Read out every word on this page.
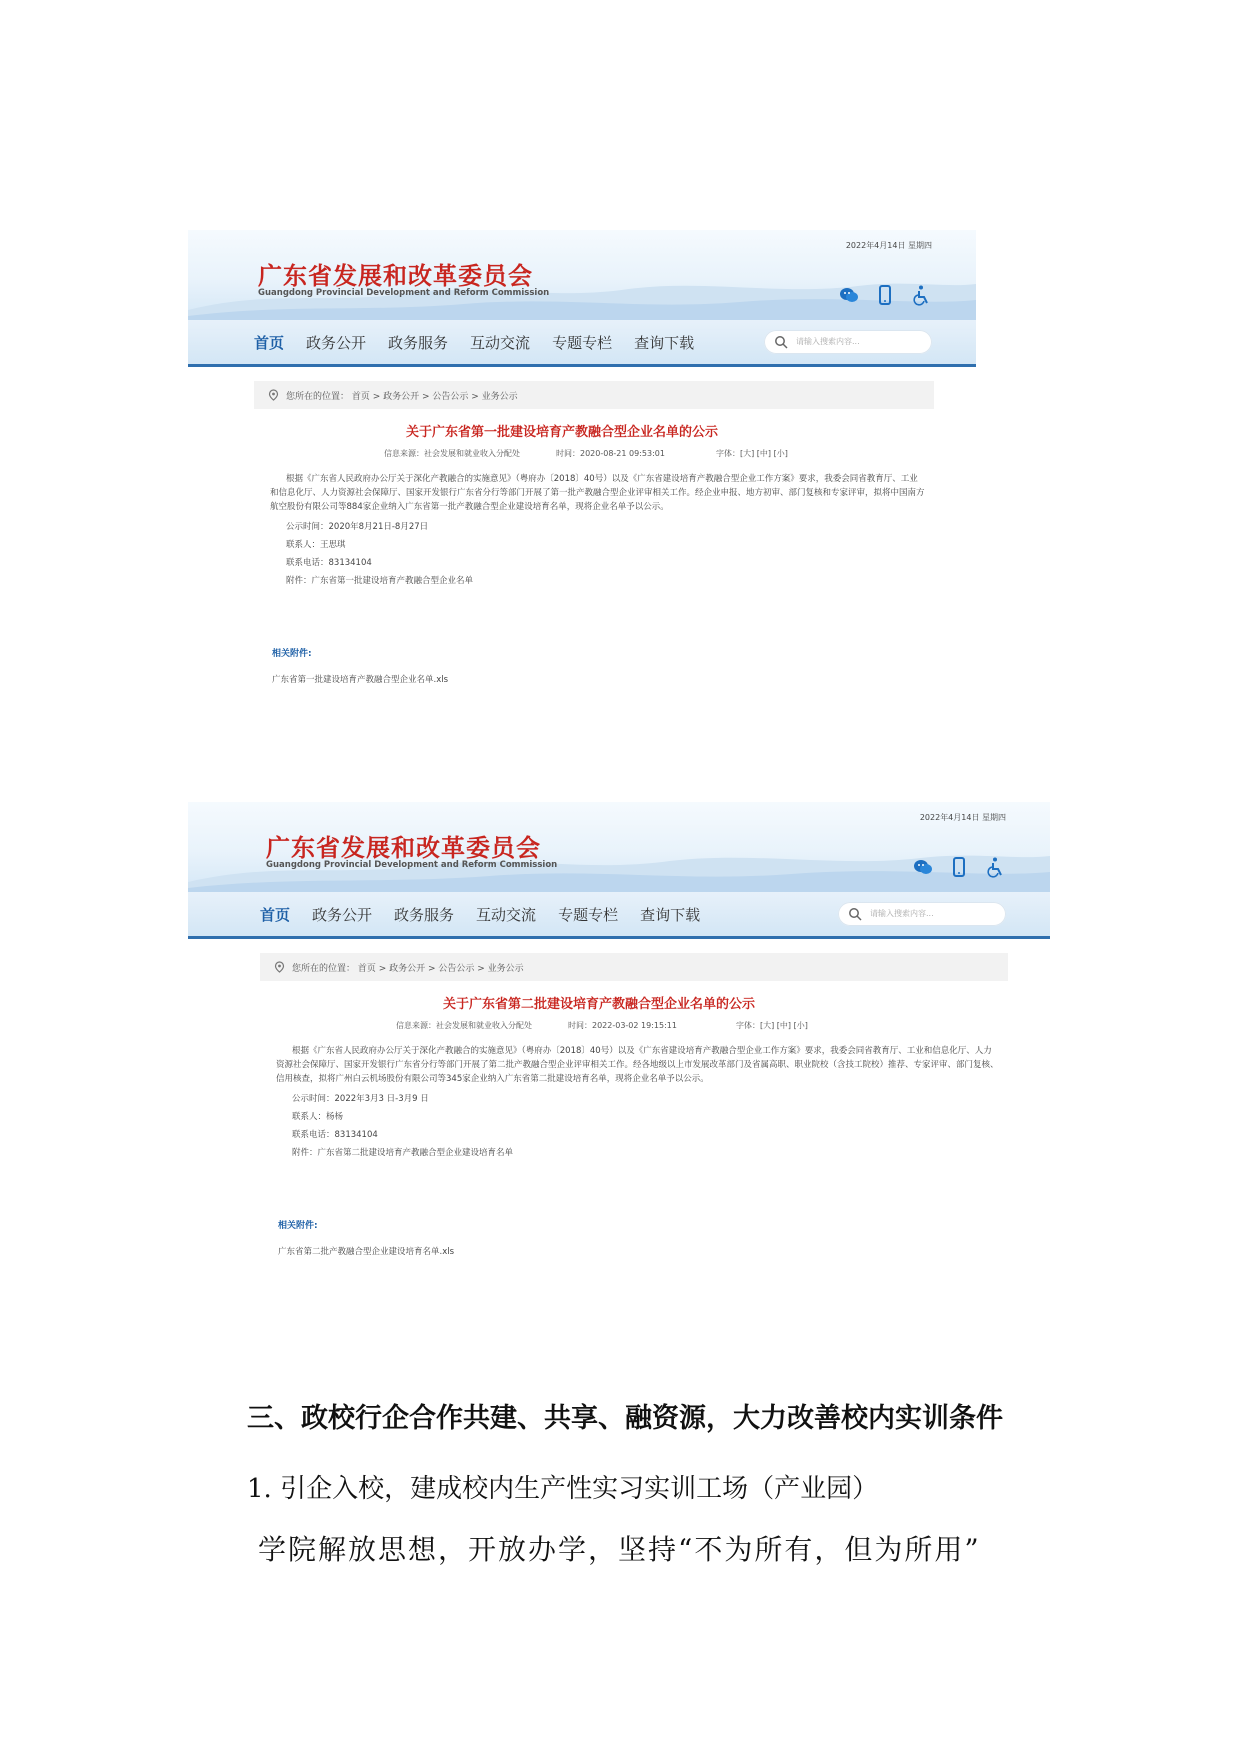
广东省发展和改革委员会
Guangdong Provincial Development and Reform Commission
2022年4月14日 星期四
首页 政务公开 政务服务 互动交流 专题专栏 查询下载	请输入搜索内容...
您所在的位置： 首页 > 政务公开 > 公告公示 > 业务公示
关于广东省第一批建设培育产教融合型企业名单的公示
信息来源：社会发展和就业收入分配处	时间：2020-08-21 09:53:01	字体：[大] [中] [小]
根据《广东省人民政府办公厅关于深化产教融合的实施意见》（粤府办〔2018〕40号）以及《广东省建设培育产教融合型企业工作方案》要求，我委会同省教育厅、工业和信息化厅、人力资源社会保障厅、国家开发银行广东省分行等部门开展了第一批产教融合型企业评审相关工作。经企业申报、地方初审、部门复核和专家评审，拟将中国南方航空股份有限公司等884家企业纳入广东省第一批产教融合型企业建设培育名单，现将企业名单予以公示。
公示时间：2020年8月21日-8月27日
联系人：王思琪
联系电话：83134104
附件：广东省第一批建设培育产教融合型企业名单
相关附件:
广东省第一批建设培育产教融合型企业名单.xls
广东省发展和改革委员会
Guangdong Provincial Development and Reform Commission
2022年4月14日 星期四
首页 政务公开 政务服务 互动交流 专题专栏 查询下载	请输入搜索内容...
您所在的位置： 首页 > 政务公开 > 公告公示 > 业务公示
关于广东省第二批建设培育产教融合型企业名单的公示
信息来源：社会发展和就业收入分配处	时间：2022-03-02 19:15:11	字体：[大] [中] [小]
根据《广东省人民政府办公厅关于深化产教融合的实施意见》（粤府办〔2018〕40号）以及《广东省建设培育产教融合型企业工作方案》要求，我委会同省教育厅、工业和信息化厅、人力资源社会保障厅、国家开发银行广东省分行等部门开展了第二批产教融合型企业评审相关工作。经各地级以上市发展改革部门及省属高职、职业院校（含技工院校）推荐、专家评审、部门复核、信用核查，拟将广州白云机场股份有限公司等345家企业纳入广东省第二批建设培育名单，现将企业名单予以公示。
公示时间：2022年3月3 日-3月9 日
联系人：杨杨
联系电话：83134104
附件：广东省第二批建设培育产教融合型企业建设培育名单
相关附件:
广东省第二批产教融合型企业建设培育名单.xls
三、政校行企合作共建、共享、融资源，大力改善校内实训条件
1. 引企入校，建成校内生产性实习实训工场（产业园）
学院解放思想，开放办学，坚持“不为所有，但为所用”
